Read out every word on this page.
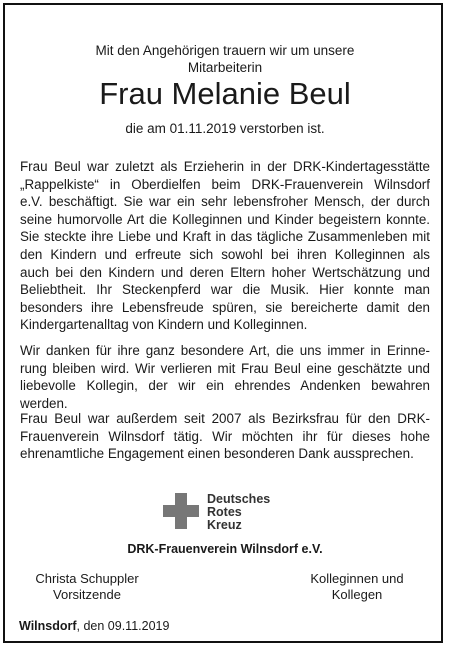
Mit den Angehörigen trauern wir um unsere
Mitarbeiterin
Frau Melanie Beul
die am 01.11.2019 verstorben ist.
Frau Beul war zuletzt als Erzieherin in der DRK-Kindertagesstätte
„Rappelkiste“ in Oberdielfen beim DRK-Frauenverein Wilnsdorf
e.V. beschäftigt. Sie war ein sehr lebensfroher Mensch, der durch
seine humorvolle Art die Kolleginnen und Kinder begeistern konnte.
Sie steckte ihre Liebe und Kraft in das tägliche Zusammenleben mit
den Kindern und erfreute sich sowohl bei ihren Kolleginnen als
auch bei den Kindern und deren Eltern hoher Wertschätzung und
Beliebtheit. Ihr Steckenpferd war die Musik. Hier konnte man
besonders ihre Lebensfreude spüren, sie bereicherte damit den
Kindergartenalltag von Kindern und Kolleginnen.
Wir danken für ihre ganz besondere Art, die uns immer in Erinne-
rung bleiben wird. Wir verlieren mit Frau Beul eine geschätzte und
liebevolle Kollegin, der wir ein ehrendes Andenken bewahren
werden.
Frau Beul war außerdem seit 2007 als Bezirksfrau für den DRK-
Frauenverein Wilnsdorf tätig. Wir möchten ihr für dieses hohe
ehrenamtliche Engagement einen besonderen Dank aussprechen.
Deutsches
Rotes
Kreuz
DRK-Frauenverein Wilnsdorf e.V.
Christa Schuppler
Vorsitzende
Kolleginnen und
Kollegen
Wilnsdorf, den 09.11.2019
